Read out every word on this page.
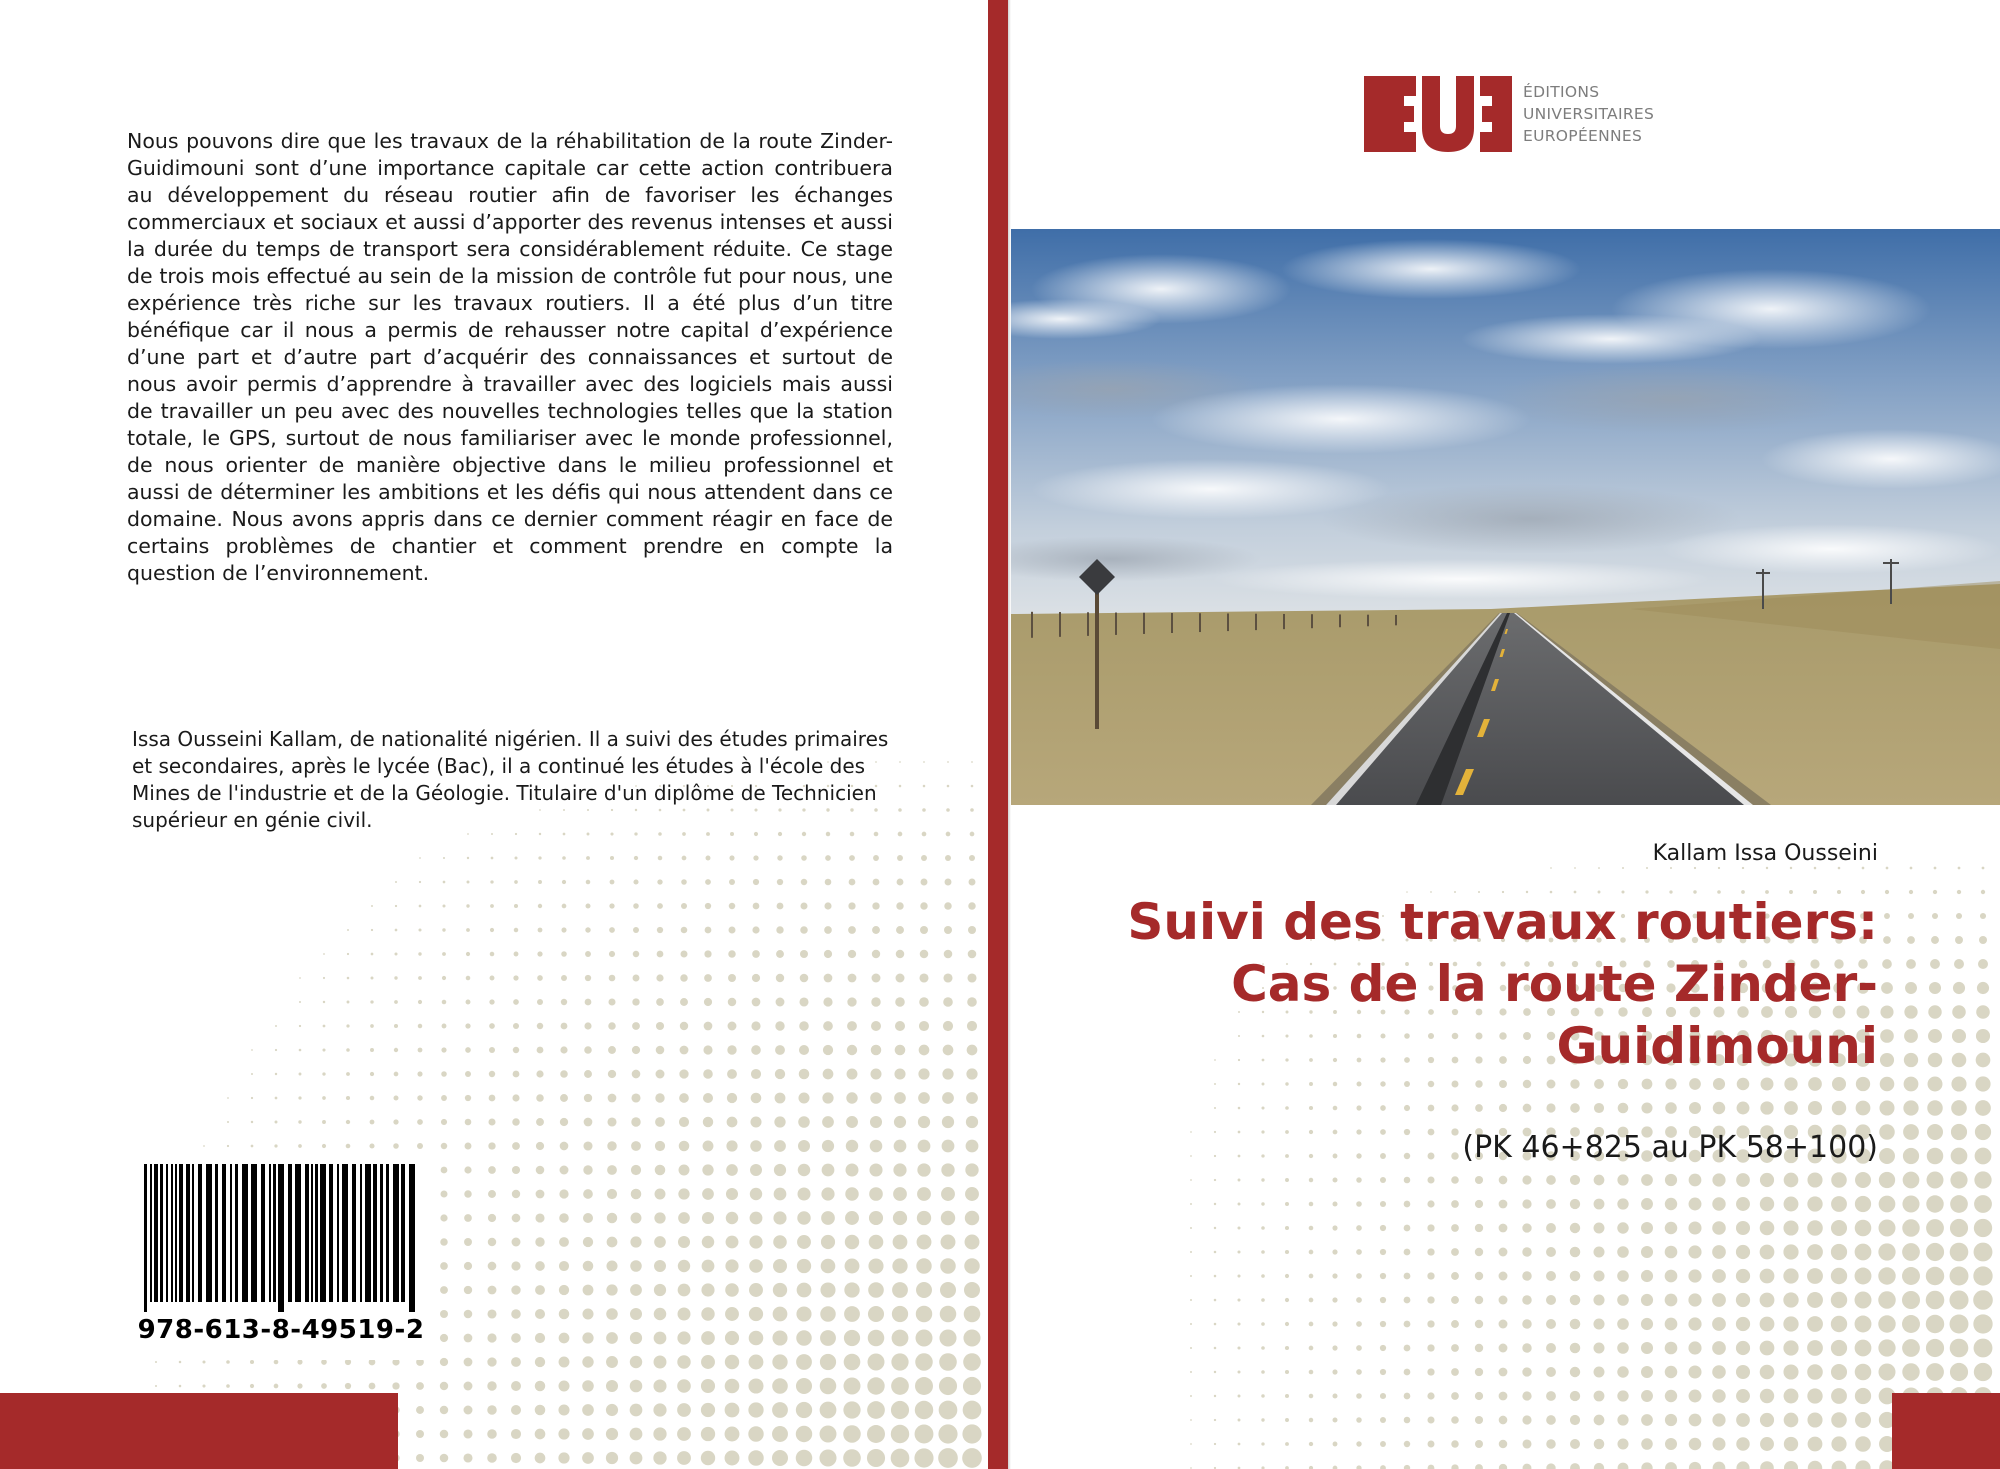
Nous pouvons dire que les travaux de la réhabilitation de la route Zinder-Guidimouni sont d’une importance capitale car cette action contribuera au développement du réseau routier afin de favoriser les échanges commerciaux et sociaux et aussi d’apporter des revenus intenses et aussi la durée du temps de transport sera considérablement réduite. Ce stage de trois mois effectué au sein de la mission de contrôle fut pour nous, une expérience très riche sur les travaux routiers. Il a été plus d’un titre bénéfique car il nous a permis de rehausser notre capital d’expérience d’une part et d’autre part d’acquérir des connaissances et surtout de nous avoir permis d’apprendre à travailler avec des logiciels mais aussi de travailler un peu avec des nouvelles technologies telles que la station totale, le GPS, surtout de nous familiariser avec le monde professionnel, de nous orienter de manière objective dans le milieu professionnel et aussi de déterminer les ambitions et les défis qui nous attendent dans ce domaine. Nous avons appris dans ce dernier comment réagir en face de certains problèmes de chantier et comment prendre en compte la question de l’environnement.

Issa Ousseini Kallam, de nationalité nigérien. Il a suivi des études primaires et secondaires, après le lycée (Bac), il a continué les études à l'école des Mines de l'industrie et de la Géologie. Titulaire d'un diplôme de Technicien supérieur en génie civil.

978-613-8-49519-2
ÉDITIONS
UNIVERSITAIRES
EUROPÉENNES
Kallam Issa Ousseini
Suivi des travaux routiers:
Cas de la route Zinder-
Guidimouni
(PK 46+825 au PK 58+100)
